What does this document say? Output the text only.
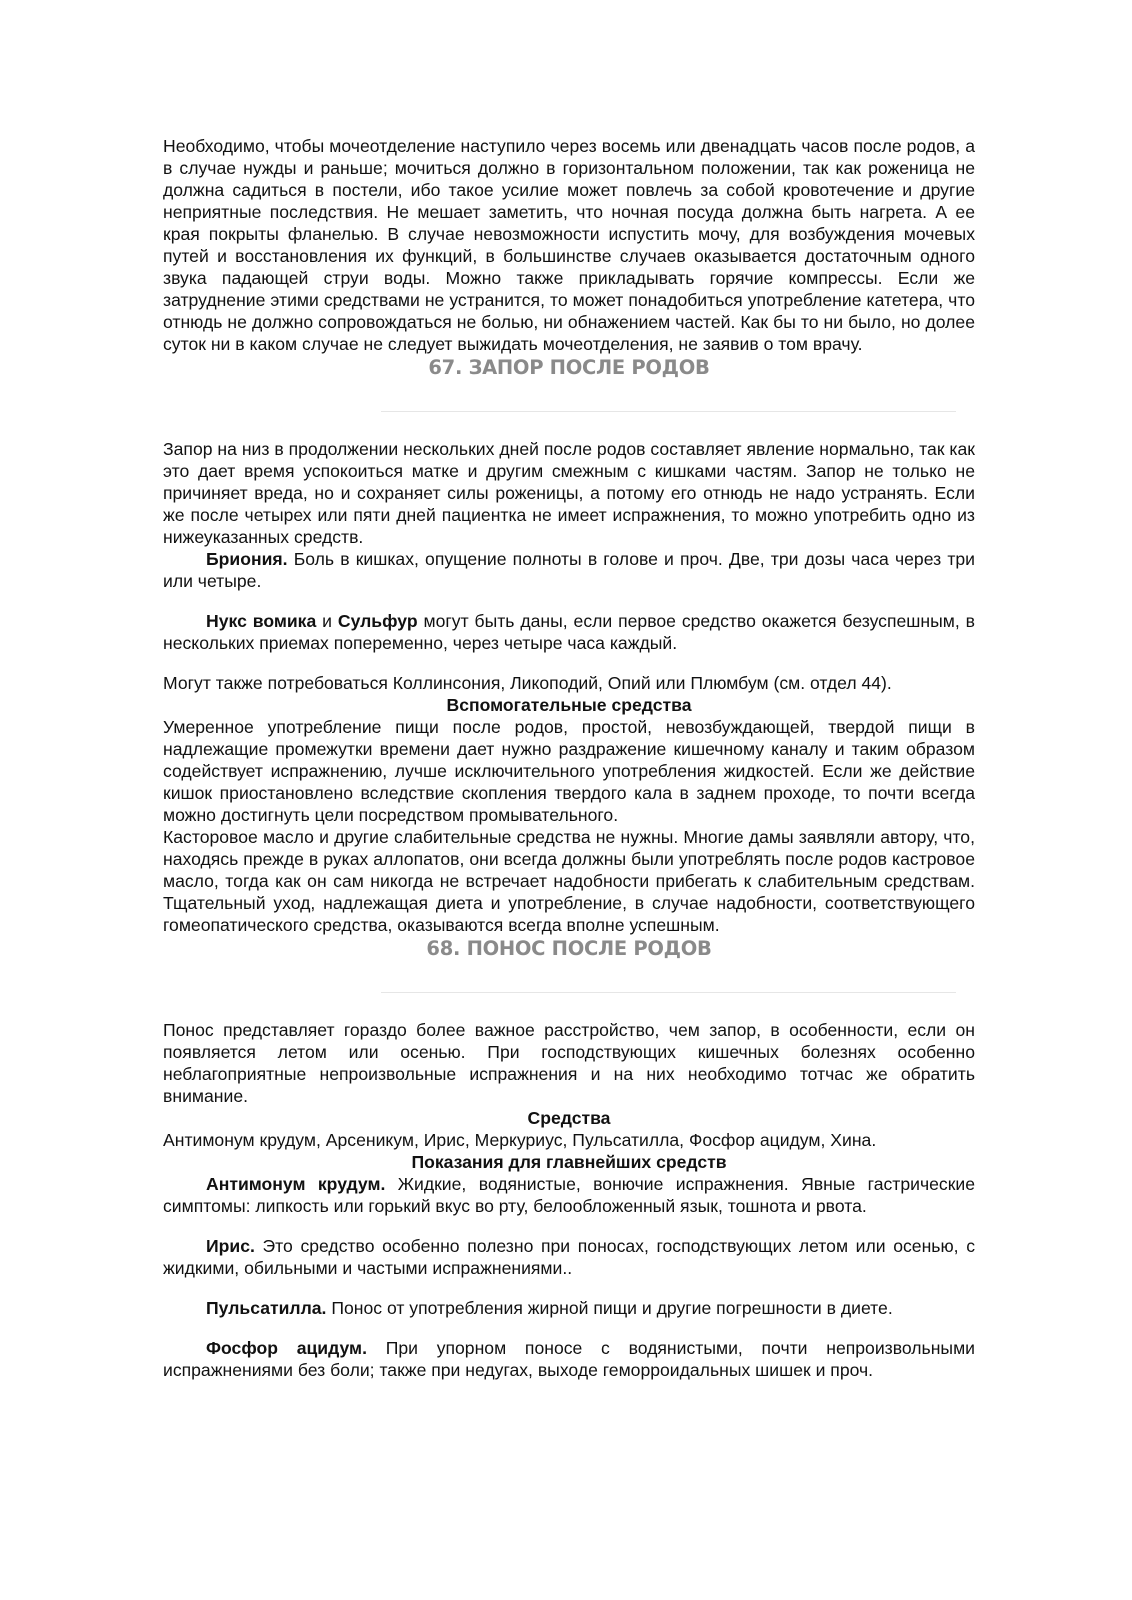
Необходимо, чтобы мочеотделение наступило через восемь или двенадцать часов после родов, а в случае нужды и раньше; мочиться должно в горизонтальном положении, так как роженица не должна садиться в постели, ибо такое усилие может повлечь за собой кровотечение и другие неприятные последствия. Не мешает заметить, что ночная посуда должна быть нагрета. А ее края покрыты фланелью. В случае невозможности испустить мочу, для возбуждения мочевых путей и восстановления их функций, в большинстве случаев оказывается достаточным одного звука падающей струи воды. Можно также прикладывать горячие компрессы. Если же затруднение этими средствами не устранится, то может понадобиться употребление катетера, что отнюдь не должно сопровождаться не болью, ни обнажением частей. Как бы то ни было, но долее суток ни в каком случае не следует выжидать мочеотделения, не заявив о том врачу.

67. ЗАПОР ПОСЛЕ РОДОВ

Запор на низ в продолжении нескольких дней после родов составляет явление нормально, так как это дает время успокоиться матке и другим смежным с кишками частям. Запор не только не причиняет вреда, но и сохраняет силы роженицы, а потому его отнюдь не надо устранять. Если же после четырех или пяти дней пациентка не имеет испражнения, то можно употребить одно из нижеуказанных средств.

Бриония. Боль в кишках, опущение полноты в голове и проч. Две, три дозы часа через три или четыре.

Нукс вомика и Сульфур могут быть даны, если первое средство окажется безуспешным, в нескольких приемах попеременно, через четыре часа каждый.

Могут также потребоваться Коллинсония, Ликоподий, Опий или Плюмбум (см. отдел 44).

Вспомогательные средства

Умеренное употребление пищи после родов, простой, невозбуждающей, твердой пищи в надлежащие промежутки времени дает нужно раздражение кишечному каналу и таким образом содействует испражнению, лучше исключительного употребления жидкостей. Если же действие кишок приостановлено вследствие скопления твердого кала в заднем проходе, то почти всегда можно достигнуть цели посредством промывательного.

Касторовое масло и другие слабительные средства не нужны. Многие дамы заявляли автору, что, находясь прежде в руках аллопатов, они всегда должны были употреблять после родов кастровое масло, тогда как он сам никогда не встречает надобности прибегать к слабительным средствам. Тщательный уход, надлежащая диета и употребление, в случае надобности, соответствующего гомеопатического средства, оказываются всегда вполне успешным.

68. ПОНОС ПОСЛЕ РОДОВ

Понос представляет гораздо более важное расстройство, чем запор, в особенности, если он появляется летом или осенью. При господствующих кишечных болезнях особенно неблагоприятные непроизвольные испражнения и на них необходимо тотчас же обратить внимание.

Средства

Антимонум крудум, Арсеникум, Ирис, Меркуриус, Пульсатилла, Фосфор ацидум, Хина.

Показания для главнейших средств

Антимонум крудум. Жидкие, водянистые, вонючие испражнения. Явные гастрические симптомы: липкость или горький вкус во рту, белообложенный язык, тошнота и рвота.

Ирис. Это средство особенно полезно при поносах, господствующих летом или осенью, с жидкими, обильными и частыми испражнениями..

Пульсатилла. Понос от употребления жирной пищи и другие погрешности в диете.

Фосфор ацидум. При упорном поносе с водянистыми, почти непроизвольными испражнениями без боли; также при недугах, выходе геморроидальных шишек и проч.
